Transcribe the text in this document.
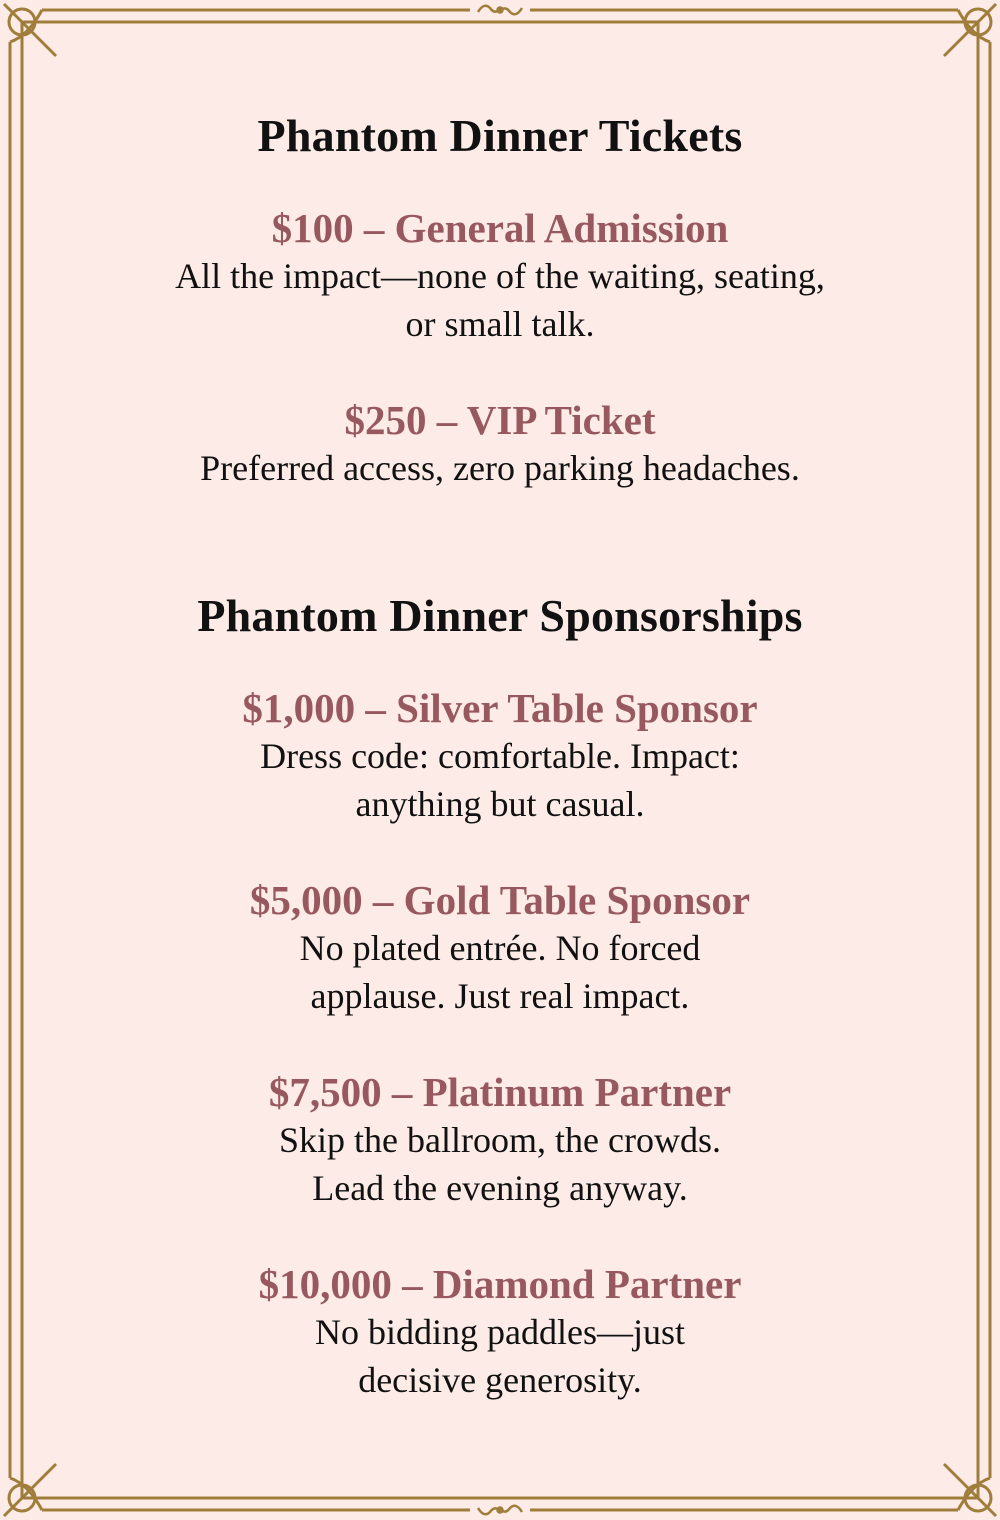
Phantom Dinner Tickets
$100 – General Admission
All the impact—none of the waiting, seating, or small talk.
$250 – VIP Ticket
Preferred access, zero parking headaches.
Phantom Dinner Sponsorships
$1,000 – Silver Table Sponsor
Dress code: comfortable. Impact: anything but casual.
$5,000 – Gold Table Sponsor
No plated entrée. No forced applause. Just real impact.
$7,500 – Platinum Partner
Skip the ballroom, the crowds. Lead the evening anyway.
$10,000 – Diamond Partner
No bidding paddles—just decisive generosity.
